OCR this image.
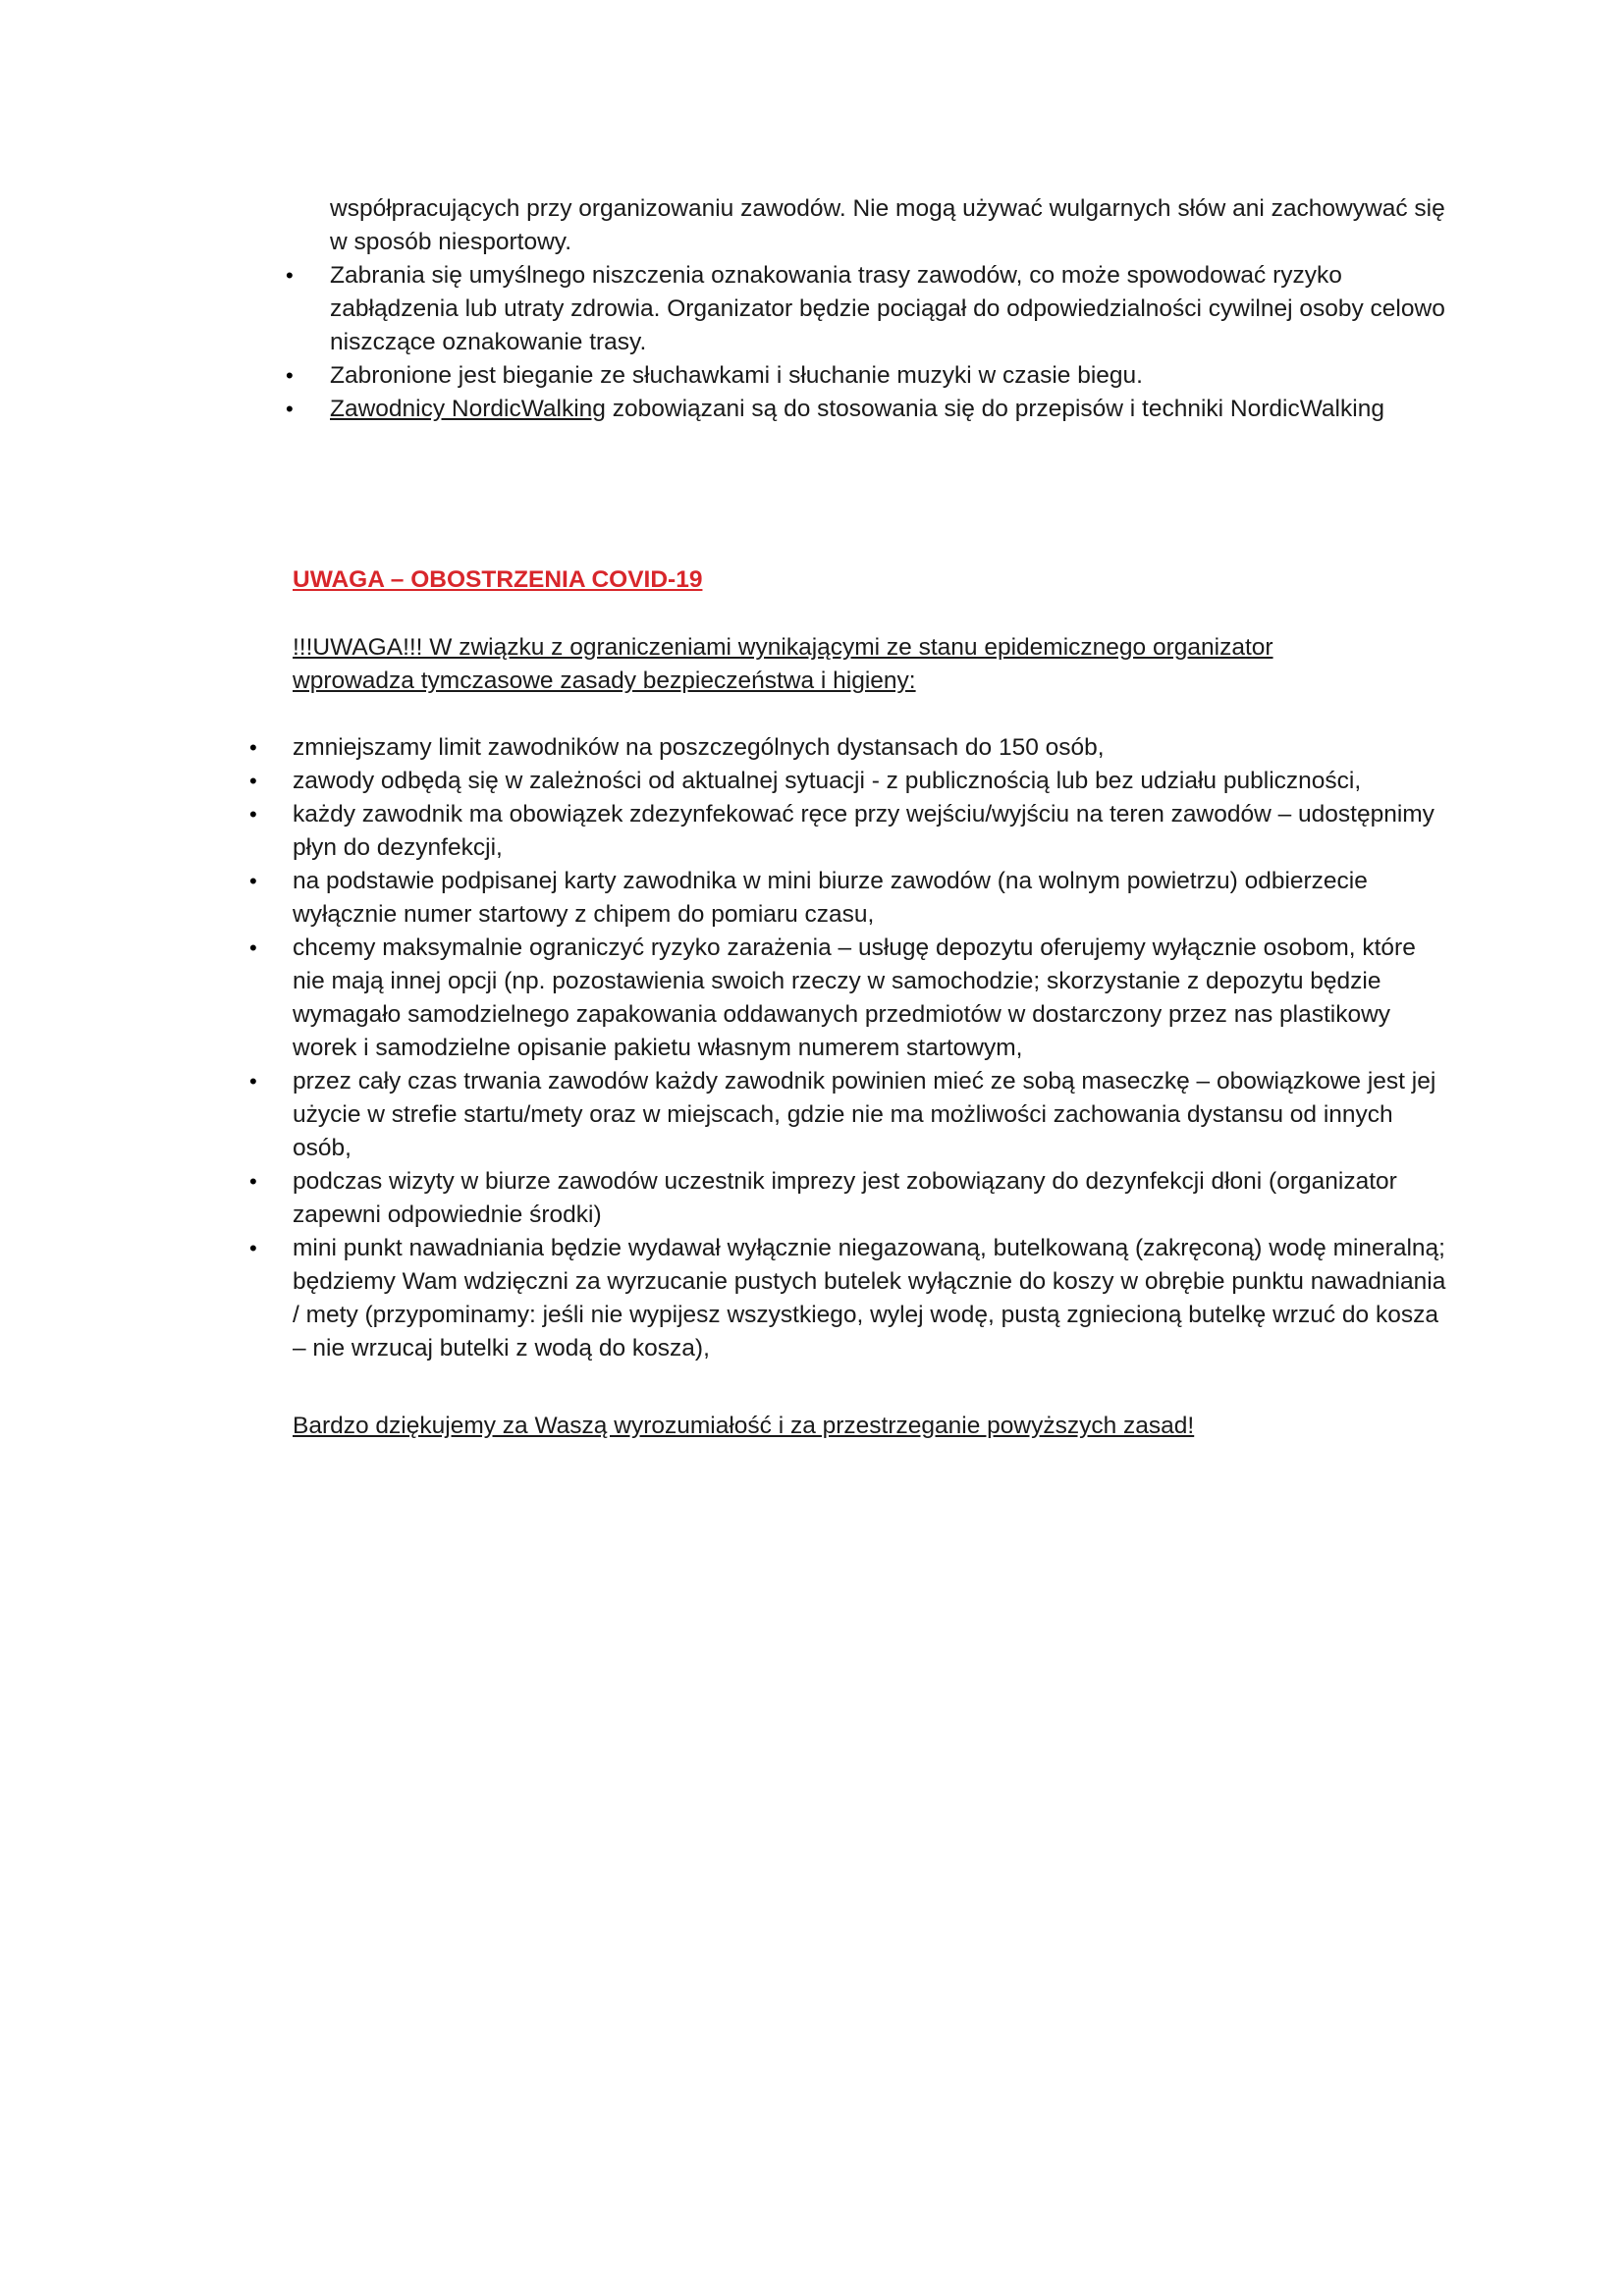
współpracujących przy organizowaniu zawodów. Nie mogą używać wulgarnych słów ani zachowywać się w sposób niesportowy.
• Zabrania się umyślnego niszczenia oznakowania trasy zawodów, co może spowodować ryzyko zabłądzenia lub utraty zdrowia. Organizator będzie pociągał do odpowiedzialności cywilnej osoby celowo niszczące oznakowanie trasy.
• Zabronione jest bieganie ze słuchawkami i słuchanie muzyki w czasie biegu.
• Zawodnicy NordicWalking zobowiązani są do stosowania się do przepisów i techniki NordicWalking
UWAGA – OBOSTRZENIA COVID-19

!!!UWAGA!!! W związku z ograniczeniami wynikającymi ze stanu epidemicznego organizator wprowadza tymczasowe zasady bezpieczeństwa i higieny:

• zmniejszamy limit zawodników na poszczególnych dystansach do 150 osób,
• zawody odbędą się w zależności od aktualnej sytuacji - z publicznością lub bez udziału publiczności,
• każdy zawodnik ma obowiązek zdezynfekować ręce przy wejściu/wyjściu na teren zawodów – udostępnimy płyn do dezynfekcji,
• na podstawie podpisanej karty zawodnika w mini biurze zawodów (na wolnym powietrzu) odbierzecie wyłącznie numer startowy z chipem do pomiaru czasu,
• chcemy maksymalnie ograniczyć ryzyko zarażenia – usługę depozytu oferujemy wyłącznie osobom, które nie mają innej opcji (np. pozostawienia swoich rzeczy w samochodzie; skorzystanie z depozytu będzie wymagało samodzielnego zapakowania oddawanych przedmiotów w dostarczony przez nas plastikowy worek i samodzielne opisanie pakietu własnym numerem startowym,
• przez cały czas trwania zawodów każdy zawodnik powinien mieć ze sobą maseczkę – obowiązkowe jest jej użycie w strefie startu/mety oraz w miejscach, gdzie nie ma możliwości zachowania dystansu od innych osób,
• podczas wizyty w biurze zawodów uczestnik imprezy jest zobowiązany do dezynfekcji dłoni (organizator zapewni odpowiednie środki)
• mini punkt nawadniania będzie wydawał wyłącznie niegazowaną, butelkowaną (zakręconą) wodę mineralną; będziemy Wam wdzięczni za wyrzucanie pustych butelek wyłącznie do koszy w obrębie punktu nawadniania / mety (przypominamy: jeśli nie wypijesz wszystkiego, wylej wodę, pustą zgniecioną butelkę wrzuć do kosza – nie wrzucaj butelki z wodą do kosza),

Bardzo dziękujemy za Waszą wyrozumiałość i za przestrzeganie powyższych zasad!
